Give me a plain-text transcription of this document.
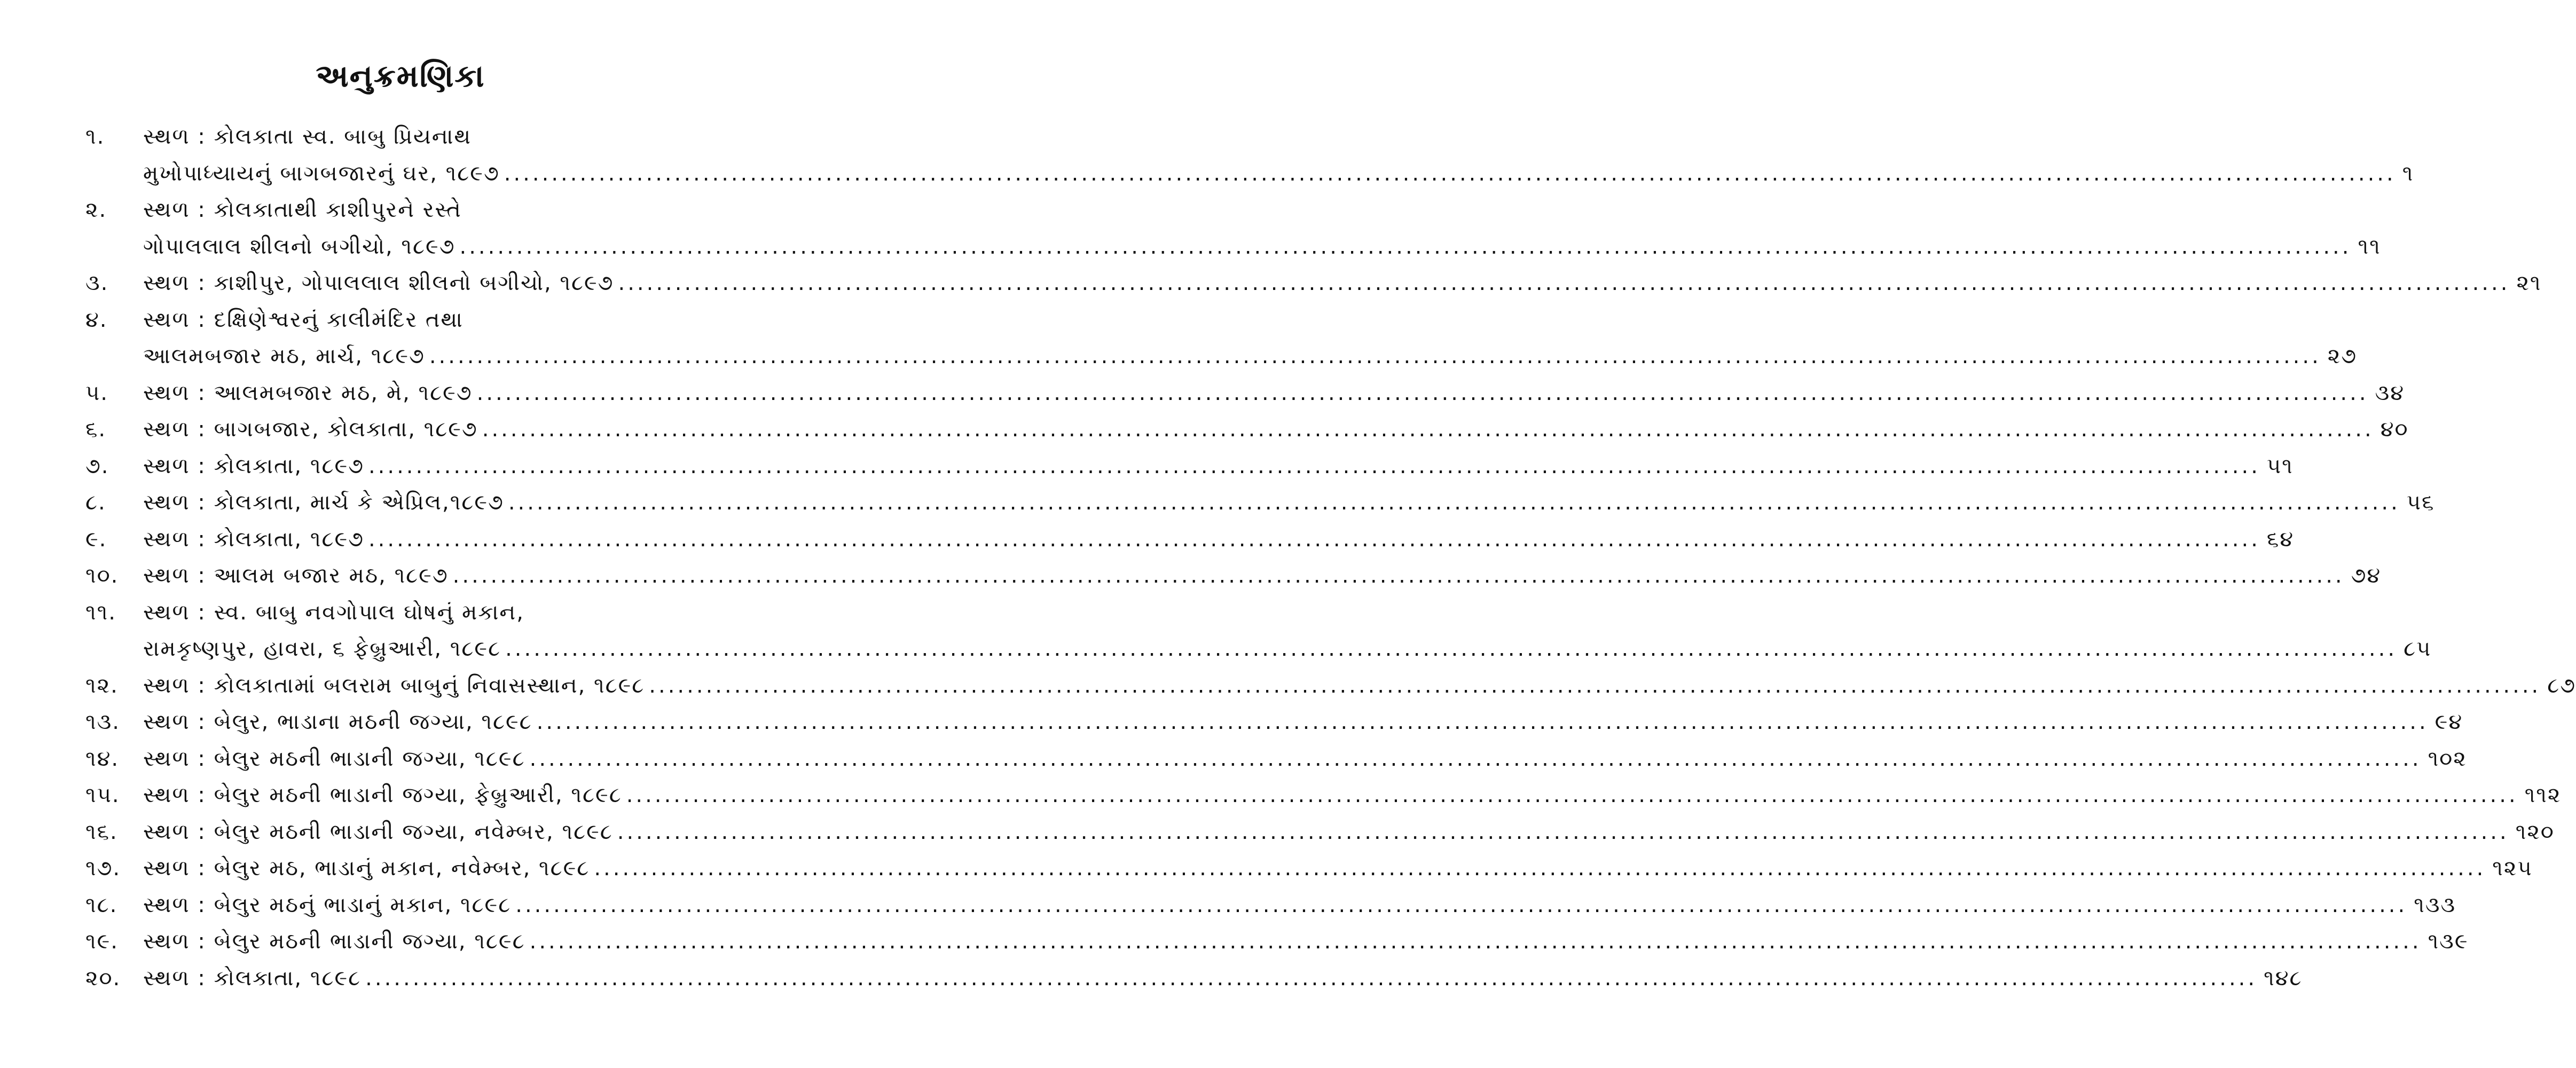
અનુક્રમણિકા
૧.	સ્થળ : કોલકાતા સ્વ. બાબુ પ્રિયનાથ
મુખોપાધ્યાયનું બાગબજારનું ઘર, ૧૮૯૭ ........................................................................................................................................................................................................ ૧
૨.	સ્થળ : કોલકાતાથી કાશીપુરને રસ્તે
ગોપાલલાલ શીલનો બગીચો, ૧૮૯૭ ........................................................................................................................................................................................................ ૧૧
૩.	સ્થળ : કાશીપુર, ગોપાલલાલ શીલનો બગીચો, ૧૮૯૭ ........................................................................................................................................................................................................ ૨૧
૪.	સ્થળ : દક્ષિણેશ્વરનું કાલીમંદિર તથા
આલમબજાર મઠ, માર્ચ, ૧૮૯૭ ........................................................................................................................................................................................................ ૨૭
૫.	સ્થળ : આલમબજાર મઠ, મે, ૧૮૯૭ ........................................................................................................................................................................................................ ૩૪
૬.	સ્થળ : બાગબજાર, કોલકાતા, ૧૮૯૭ ........................................................................................................................................................................................................ ૪૦
૭.	સ્થળ : કોલકાતા, ૧૮૯૭ ........................................................................................................................................................................................................ ૫૧
૮.	સ્થળ : કોલકાતા, માર્ચ કે એપ્રિલ,૧૮૯૭ ........................................................................................................................................................................................................ ૫૬
૯.	સ્થળ : કોલકાતા, ૧૮૯૭ ........................................................................................................................................................................................................ ૬૪
૧૦.	સ્થળ : આલમ બજાર મઠ, ૧૮૯૭ ........................................................................................................................................................................................................ ૭૪
૧૧.	સ્થળ : સ્વ. બાબુ નવગોપાલ ઘોષનું મકાન,
રામકૃષ્ણપુર, હાવરા, ૬ ફેબ્રુઆરી, ૧૮૯૮ ........................................................................................................................................................................................................ ૮૫
૧૨.	સ્થળ : કોલકાતામાં બલરામ બાબુનું નિવાસસ્થાન, ૧૮૯૮ ........................................................................................................................................................................................................ ૮૭
૧૩.	સ્થળ : બેલુર, ભાડાના મઠની જગ્યા, ૧૮૯૮ ........................................................................................................................................................................................................ ૯૪
૧૪.	સ્થળ : બેલુર મઠની ભાડાની જગ્યા, ૧૮૯૮ ........................................................................................................................................................................................................ ૧૦૨
૧૫.	સ્થળ : બેલુર મઠની ભાડાની જગ્યા, ફેબ્રુઆરી, ૧૮૯૮ ........................................................................................................................................................................................................ ૧૧૨
૧૬.	સ્થળ : બેલુર મઠની ભાડાની જગ્યા, નવેમ્બર, ૧૮૯૮ ........................................................................................................................................................................................................ ૧૨૦
૧૭.	સ્થળ : બેલુર મઠ, ભાડાનું મકાન, નવેમ્બર, ૧૮૯૮ ........................................................................................................................................................................................................ ૧૨૫
૧૮.	સ્થળ : બેલુર મઠનું ભાડાનું મકાન, ૧૮૯૮ ........................................................................................................................................................................................................ ૧૩૩
૧૯.	સ્થળ : બેલુર મઠની ભાડાની જગ્યા, ૧૮૯૮ ........................................................................................................................................................................................................ ૧૩૯
૨૦.	સ્થળ : કોલકાતા, ૧૮૯૮ ........................................................................................................................................................................................................ ૧૪૮
